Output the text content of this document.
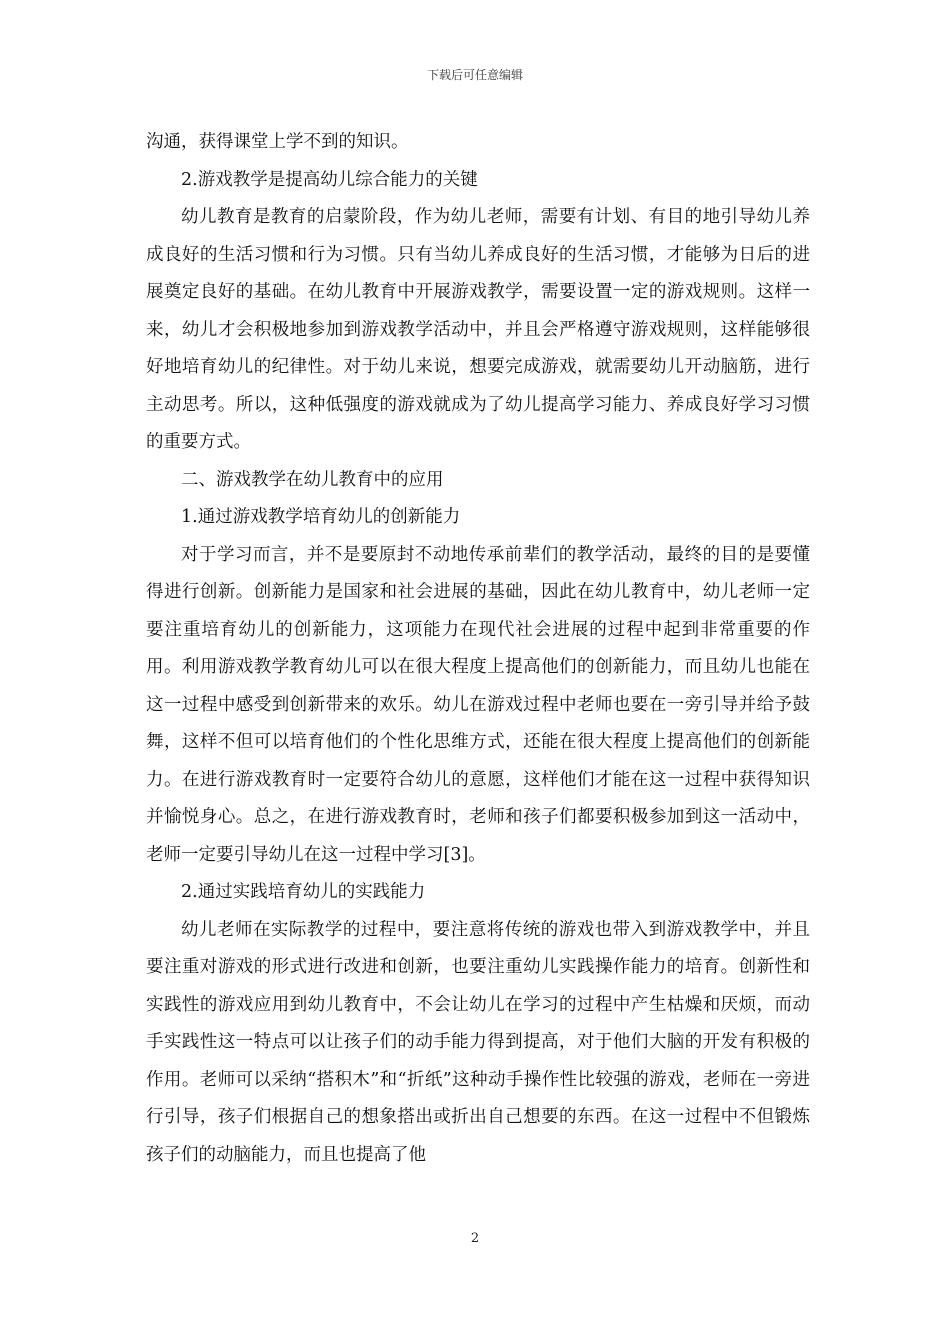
下载后可任意编辑

沟通，获得课堂上学不到的知识。

2.游戏教学是提高幼儿综合能力的关键

幼儿教育是教育的启蒙阶段，作为幼儿老师，需要有计划、有目的地引导幼儿养成良好的生活习惯和行为习惯。只有当幼儿养成良好的生活习惯，才能够为日后的进展奠定良好的基础。在幼儿教育中开展游戏教学，需要设置一定的游戏规则。这样一来，幼儿才会积极地参加到游戏教学活动中，并且会严格遵守游戏规则，这样能够很好地培育幼儿的纪律性。对于幼儿来说，想要完成游戏，就需要幼儿开动脑筋，进行主动思考。所以，这种低强度的游戏就成为了幼儿提高学习能力、养成良好学习习惯的重要方式。

二、游戏教学在幼儿教育中的应用

1.通过游戏教学培育幼儿的创新能力

对于学习而言，并不是要原封不动地传承前辈们的教学活动，最终的目的是要懂得进行创新。创新能力是国家和社会进展的基础，因此在幼儿教育中，幼儿老师一定要注重培育幼儿的创新能力，这项能力在现代社会进展的过程中起到非常重要的作用。利用游戏教学教育幼儿可以在很大程度上提高他们的创新能力，而且幼儿也能在这一过程中感受到创新带来的欢乐。幼儿在游戏过程中老师也要在一旁引导并给予鼓舞，这样不但可以培育他们的个性化思维方式，还能在很大程度上提高他们的创新能力。在进行游戏教育时一定要符合幼儿的意愿，这样他们才能在这一过程中获得知识并愉悦身心。总之，在进行游戏教育时，老师和孩子们都要积极参加到这一活动中，老师一定要引导幼儿在这一过程中学习[3]。

2.通过实践培育幼儿的实践能力

幼儿老师在实际教学的过程中，要注意将传统的游戏也带入到游戏教学中，并且要注重对游戏的形式进行改进和创新，也要注重幼儿实践操作能力的培育。创新性和实践性的游戏应用到幼儿教育中，不会让幼儿在学习的过程中产生枯燥和厌烦，而动手实践性这一特点可以让孩子们的动手能力得到提高，对于他们大脑的开发有积极的作用。老师可以采纳“搭积木”和“折纸”这种动手操作性比较强的游戏，老师在一旁进行引导，孩子们根据自己的想象搭出或折出自己想要的东西。在这一过程中不但锻炼孩子们的动脑能力，而且也提高了他

2
